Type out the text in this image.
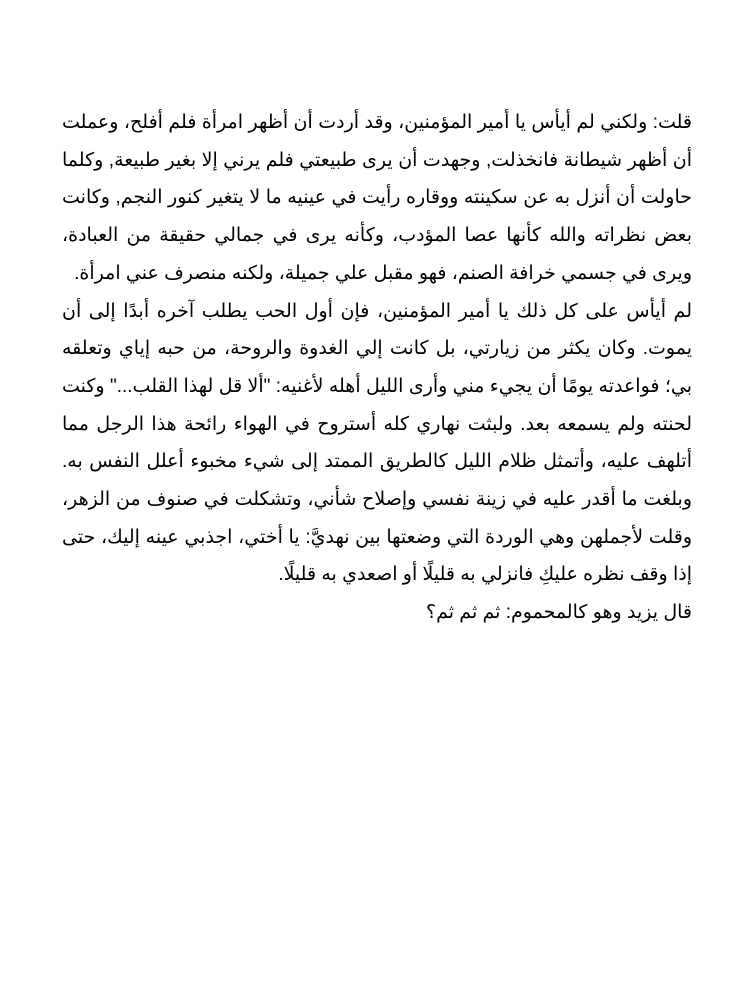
قلت: ولكني لم أيأس يا أمير المؤمنين، وقد أردت أن أظهر امرأة فلم أفلح، وعملت أن أظهر شيطانة فانخذلت, وجهدت أن يرى طبيعتي فلم يرني إلا بغير طبيعة, وكلما حاولت أن أنزل به عن سكينته ووقاره رأيت في عينيه ما لا يتغير كنور النجم, وكانت بعض نظراته والله كأنها عصا المؤدب، وكأنه يرى في جمالي حقيقة من العبادة، ويرى في جسمي خرافة الصنم، فهو مقبل علي جميلة، ولكنه منصرف عني امرأة.

لم أيأس على كل ذلك يا أمير المؤمنين، فإن أول الحب يطلب آخره أبدًا إلى أن يموت. وكان يكثر من زيارتي، بل كانت إلي الغدوة والروحة، من حبه إياي وتعلقه بي؛ فواعدته يومًا أن يجيء مني وأرى الليل أهله لأغنيه: "ألا قل لهذا القلب..." وكنت لحنته ولم يسمعه بعد. ولبثت نهاري كله أستروح في الهواء رائحة هذا الرجل مما أتلهف عليه، وأتمثل ظلام الليل كالطريق الممتد إلى شيء مخبوء أعلل النفس به. وبلغت ما أقدر عليه في زينة نفسي وإصلاح شأني، وتشكلت في صنوف من الزهر، وقلت لأجملهن وهي الوردة التي وضعتها بين نهديَّ: يا أختي، اجذبي عينه إليك، حتى إذا وقف نظره عليكِ فانزلي به قليلًا أو اصعدي به قليلًا.

قال يزيد وهو كالمحموم: ثم ثم ثم؟
